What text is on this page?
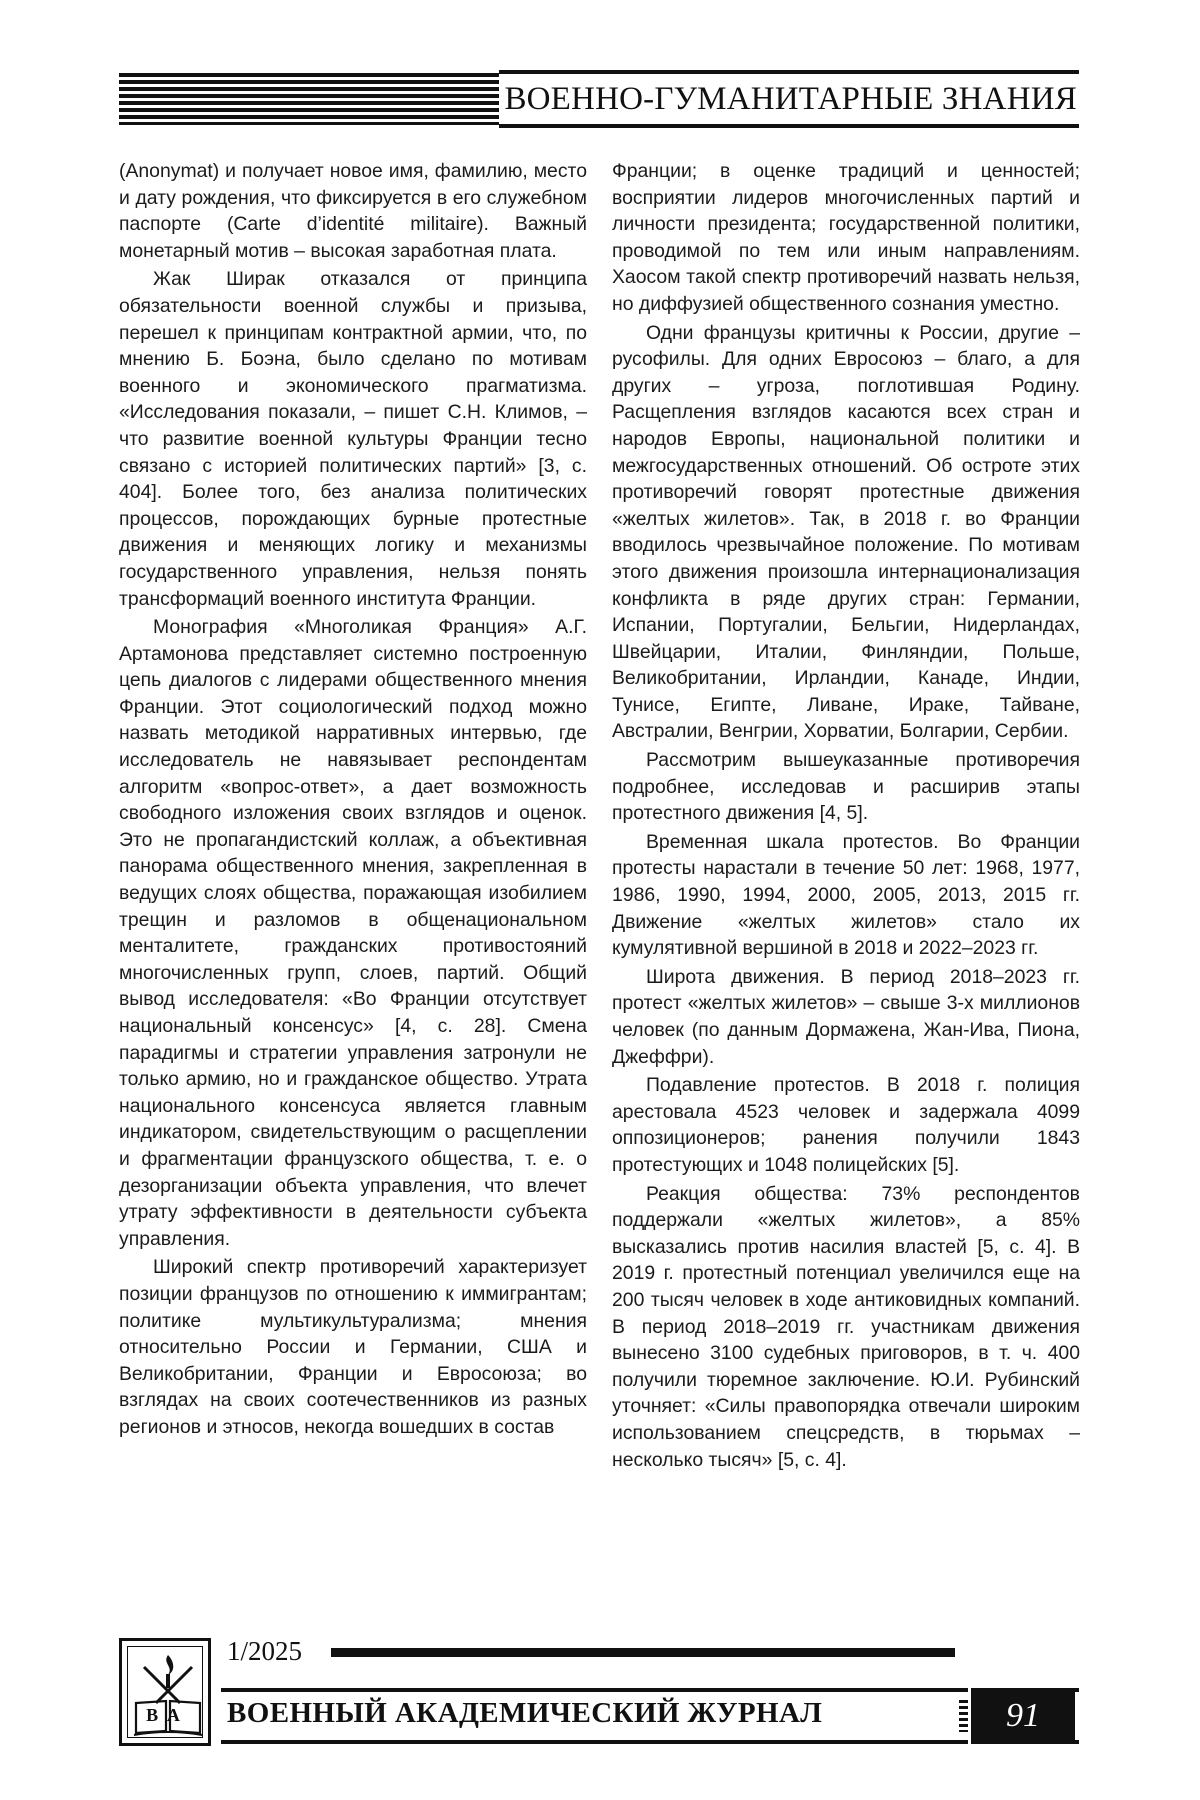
ВОЕННО-ГУМАНИТАРНЫЕ ЗНАНИЯ

(Anonymat) и получает новое имя, фамилию, место и дату рождения, что фиксируется в его служебном паспорте (Carte d’identité militaire). Важный монетарный мотив – высокая заработная плата.

Жак Ширак отказался от принципа обязательности военной службы и призыва, перешел к принципам контрактной армии, что, по мнению Б. Боэна, было сделано по мотивам военного и экономического прагматизма. «Исследования показали, – пишет С.Н. Климов, – что развитие военной культуры Франции тесно связано с историей политических партий» [3, с. 404]. Более того, без анализа политических процессов, порождающих бурные протестные движения и меняющих логику и механизмы государственного управления, нельзя понять трансформаций военного института Франции.

Монография «Многоликая Франция» А.Г. Артамонова представляет системно построенную цепь диалогов с лидерами общественного мнения Франции. Этот социологический подход можно назвать методикой нарративных интервью, где исследователь не навязывает респондентам алгоритм «вопрос-ответ», а дает возможность свободного изложения своих взглядов и оценок. Это не пропагандистский коллаж, а объективная панорама общественного мнения, закрепленная в ведущих слоях общества, поражающая изобилием трещин и разломов в общенациональном менталитете, гражданских противостояний многочисленных групп, слоев, партий. Общий вывод исследователя: «Во Франции отсутствует национальный консенсус» [4, с. 28]. Смена парадигмы и стратегии управления затронули не только армию, но и гражданское общество. Утрата национального консенсуса является главным индикатором, свидетельствующим о расщеплении и фрагментации французского общества, т. е. о дезорганизации объекта управления, что влечет утрату эффективности в деятельности субъекта управления.

Широкий спектр противоречий характеризует позиции французов по отношению к иммигрантам; политике мультикультурализма; мнения относительно России и Германии, США и Великобритании, Франции и Евросоюза; во взглядах на своих соотечественников из разных регионов и этносов, некогда вошедших в состав

Франции; в оценке традиций и ценностей; восприятии лидеров многочисленных партий и личности президента; государственной политики, проводимой по тем или иным направлениям. Хаосом такой спектр противоречий назвать нельзя, но диффузией общественного сознания уместно.

Одни французы критичны к России, другие – русофилы. Для одних Евросоюз – благо, а для других – угроза, поглотившая Родину. Расщепления взглядов касаются всех стран и народов Европы, национальной политики и межгосударственных отношений. Об остроте этих противоречий говорят протестные движения «желтых жилетов». Так, в 2018 г. во Франции вводилось чрезвычайное положение. По мотивам этого движения произошла интернационализация конфликта в ряде других стран: Германии, Испании, Португалии, Бельгии, Нидерландах, Швейцарии, Италии, Финляндии, Польше, Великобритании, Ирландии, Канаде, Индии, Тунисе, Египте, Ливане, Ираке, Тайване, Австралии, Венгрии, Хорватии, Болгарии, Сербии.

Рассмотрим вышеуказанные противоречия подробнее, исследовав и расширив этапы протестного движения [4, 5].

Временная шкала протестов. Во Франции протесты нарастали в течение 50 лет: 1968, 1977, 1986, 1990, 1994, 2000, 2005, 2013, 2015 гг. Движение «желтых жилетов» стало их кумулятивной вершиной в 2018 и 2022–2023 гг.

Широта движения. В период 2018–2023 гг. протест «желтых жилетов» – свыше 3-х миллионов человек (по данным Дормажена, Жан-Ива, Пиона, Джеффри).

Подавление протестов. В 2018 г. полиция арестовала 4523 человек и задержала 4099 оппозиционеров; ранения получили 1843 протестующих и 1048 полицейских [5].

Реакция общества: 73% респондентов поддержали «желтых жилетов», а 85% высказались против насилия властей [5, с. 4]. В 2019 г. протестный потенциал увеличился еще на 200 тысяч человек в ходе антиковидных компаний. В период 2018–2019 гг. участникам движения вынесено 3100 судебных приговоров, в т. ч. 400 получили тюремное заключение. Ю.И. Рубинский уточняет: «Силы правопорядка отвечали широким использованием спецсредств, в тюрьмах – несколько тысяч» [5, с. 4].

ВА
1/2025
ВОЕННЫЙ АКАДЕМИЧЕСКИЙ ЖУРНАЛ	91
